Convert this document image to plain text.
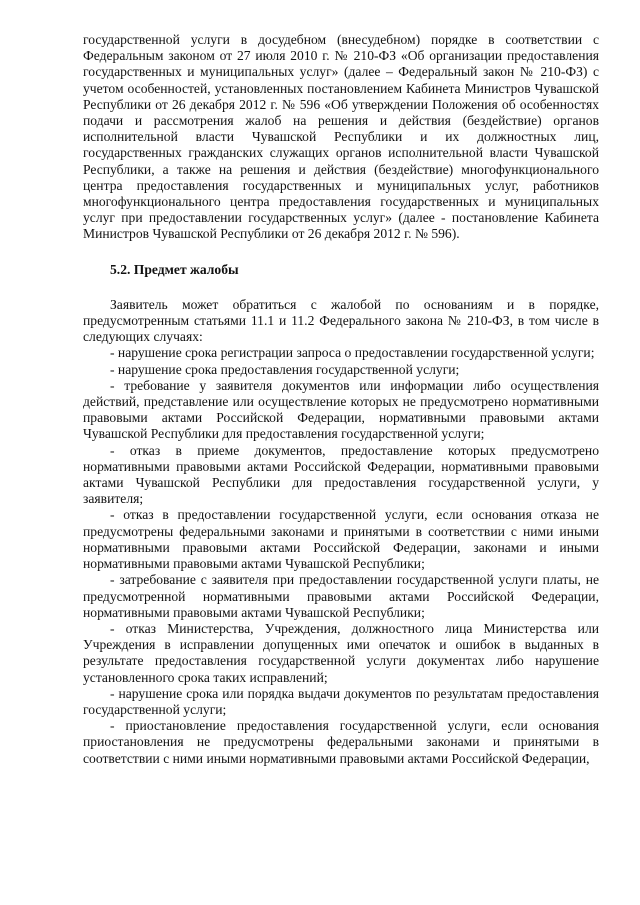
государственной услуги в досудебном (внесудебном) порядке в соответствии с Федеральным законом от 27 июля 2010 г. № 210-ФЗ «Об организации предоставления государственных и муниципальных услуг» (далее – Федеральный закон № 210-ФЗ) с учетом особенностей, установленных постановлением Кабинета Министров Чувашской Республики от 26 декабря 2012 г. № 596 «Об утверждении Положения об особенностях подачи и рассмотрения жалоб на решения и действия (бездействие) органов исполнительной власти Чувашской Республики и их должностных лиц, государственных гражданских служащих органов исполнительной власти Чувашской Республики, а также на решения и действия (бездействие) многофункционального центра предоставления государственных и муниципальных услуг, работников многофункционального центра предоставления государственных и муниципальных услуг при предоставлении государственных услуг» (далее - постановление Кабинета Министров Чувашской Республики от 26 декабря 2012 г. № 596).

5.2. Предмет жалобы

Заявитель может обратиться с жалобой по основаниям и в порядке, предусмотренным статьями 11.1 и 11.2 Федерального закона № 210-ФЗ, в том числе в следующих случаях:

- нарушение срока регистрации запроса о предоставлении государственной услуги;

- нарушение срока предоставления государственной услуги;

- требование у заявителя документов или информации либо осуществления действий, представление или осуществление которых не предусмотрено нормативными правовыми актами Российской Федерации, нормативными правовыми актами Чувашской Республики для предоставления государственной услуги;

- отказ в приеме документов, предоставление которых предусмотрено нормативными правовыми актами Российской Федерации, нормативными правовыми актами Чувашской Республики для предоставления государственной услуги, у заявителя;

- отказ в предоставлении государственной услуги, если основания отказа не предусмотрены федеральными законами и принятыми в соответствии с ними иными нормативными правовыми актами Российской Федерации, законами и иными нормативными правовыми актами Чувашской Республики;

- затребование с заявителя при предоставлении государственной услуги платы, не предусмотренной нормативными правовыми актами Российской Федерации, нормативными правовыми актами Чувашской Республики;

- отказ Министерства, Учреждения, должностного лица Министерства или Учреждения в исправлении допущенных ими опечаток и ошибок в выданных в результате предоставления государственной услуги документах либо нарушение установленного срока таких исправлений;

- нарушение срока или порядка выдачи документов по результатам предоставления государственной услуги;

- приостановление предоставления государственной услуги, если основания приостановления не предусмотрены федеральными законами и принятыми в соответствии с ними иными нормативными правовыми актами Российской Федерации,
